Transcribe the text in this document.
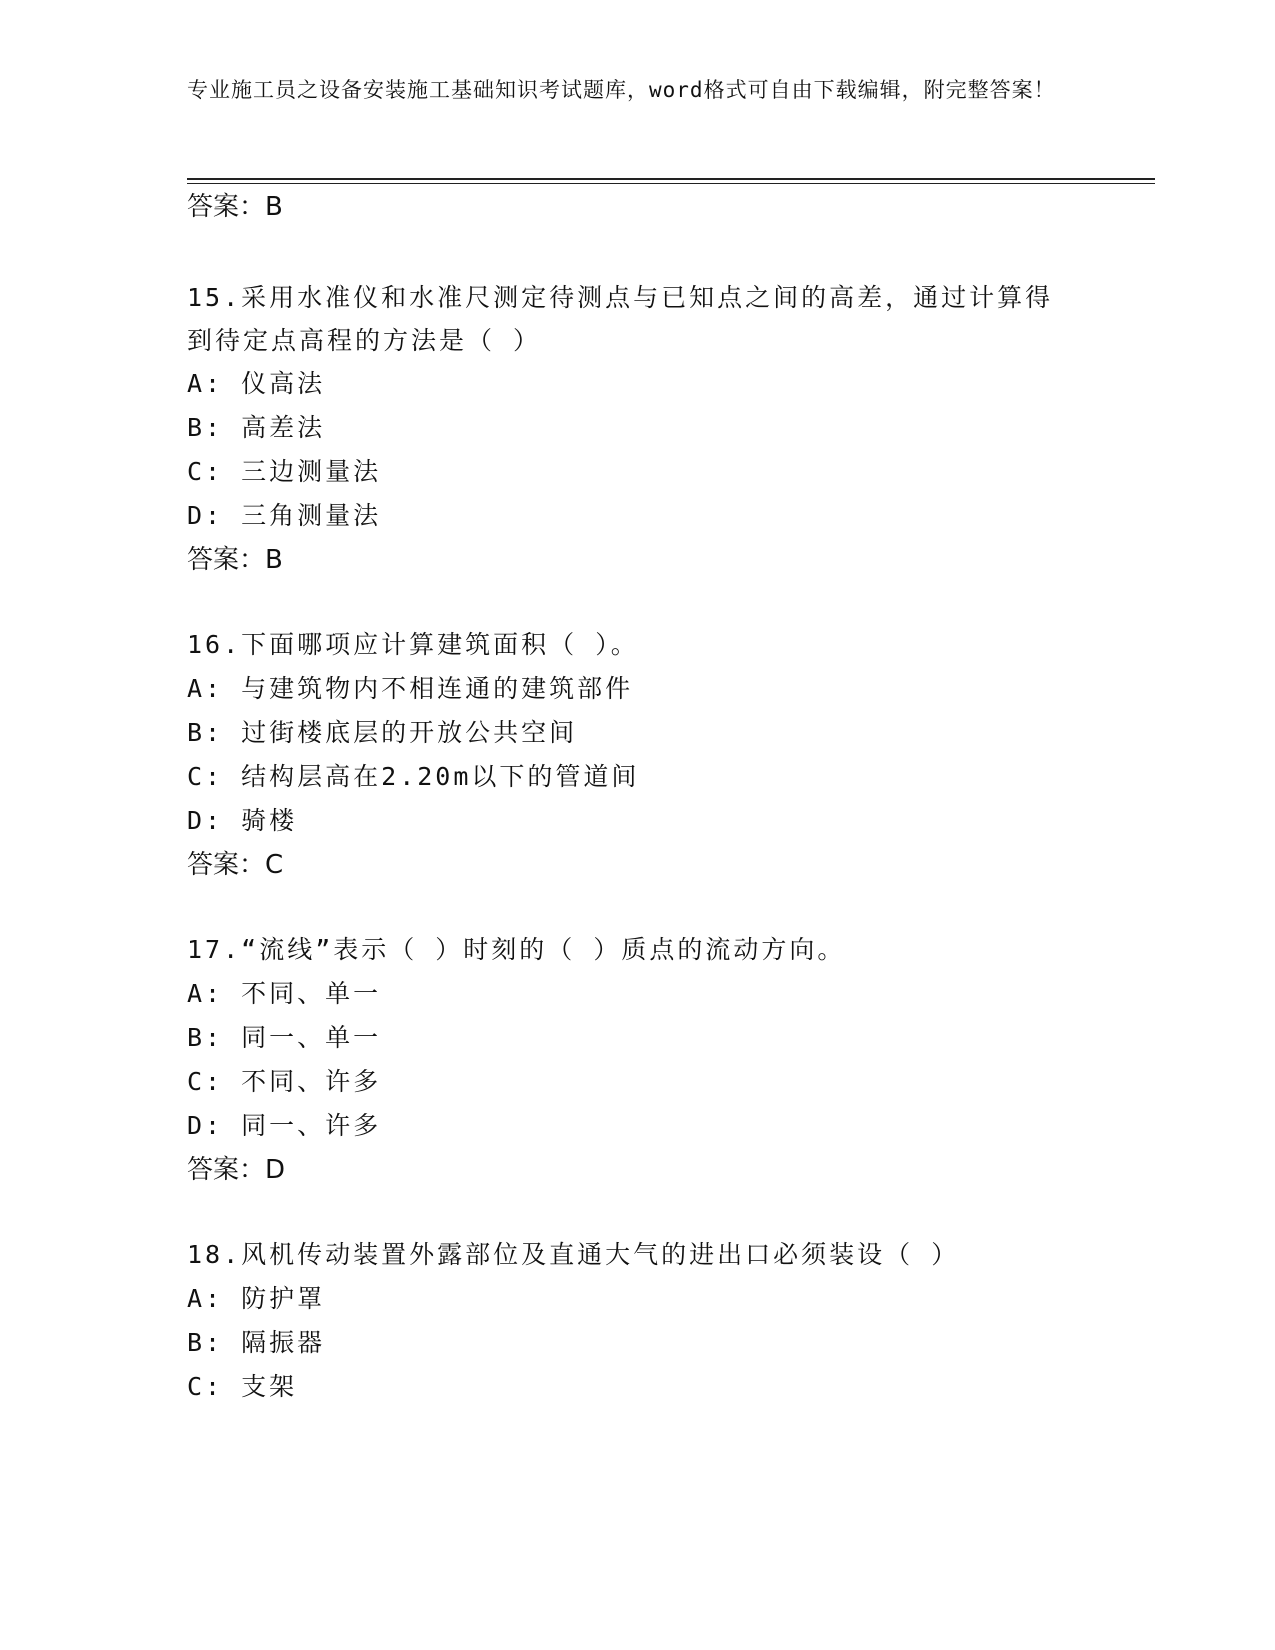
专业施工员之设备安装施工基础知识考试题库，word格式可自由下载编辑，附完整答案！
答案：B
15.采用水准仪和水准尺测定待测点与已知点之间的高差，通过计算得到待定点高程的方法是（ ）
A: 仪高法
B: 高差法
C: 三边测量法
D: 三角测量法
答案：B
16.下面哪项应计算建筑面积（ ）。
A: 与建筑物内不相连通的建筑部件
B: 过街楼底层的开放公共空间
C: 结构层高在2.20m以下的管道间
D: 骑楼
答案：C
17.“流线”表示（ ）时刻的（ ）质点的流动方向。
A: 不同、单一
B: 同一、单一
C: 不同、许多
D: 同一、许多
答案：D
18.风机传动装置外露部位及直通大气的进出口必须装设（ ）
A: 防护罩
B: 隔振器
C: 支架
